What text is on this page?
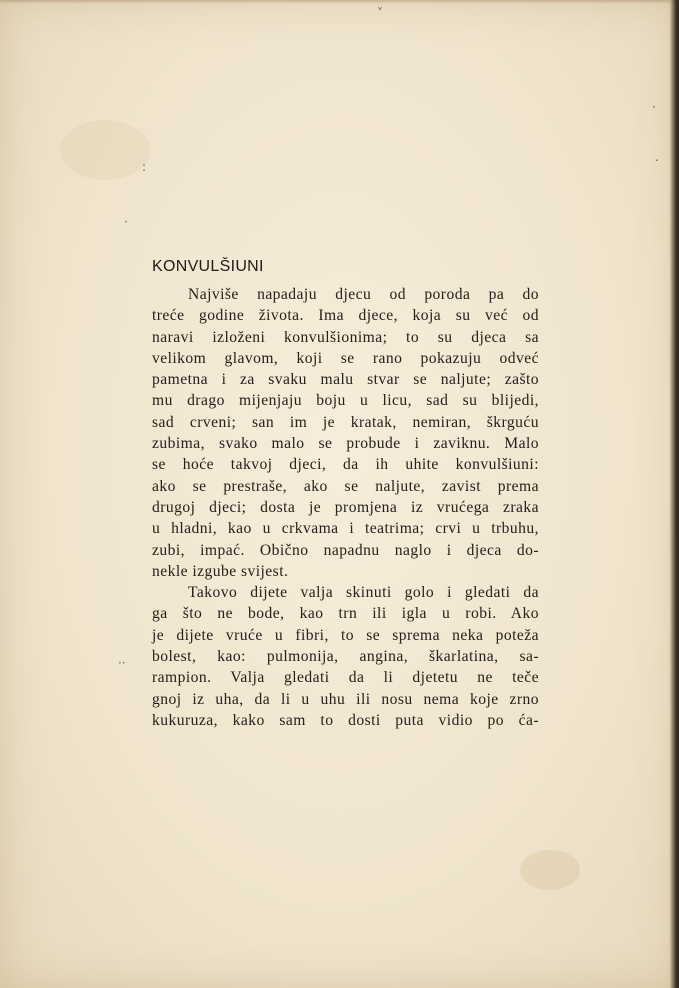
:
·
˅
··
·
.
KONVULŠIUNI

Najviše napadaju djecu od poroda pa do
treće godine života. Ima djece, koja su već od
naravi izloženi konvulšionima; to su djeca sa
velikom glavom, koji se rano pokazuju odveć
pametna i za svaku malu stvar se naljute; zašto
mu drago mijenjaju boju u licu, sad su blijedi,
sad crveni; san im je kratak, nemiran, škrguću
zubima, svako malo se probude i zaviknu. Malo
se hoće takvoj djeci, da ih uhite konvulšiuni:
ako se prestraše, ako se naljute, zavist prema
drugoj djeci; dosta je promjena iz vrućega zraka
u hladni, kao u crkvama i teatrima; crvi u trbuhu,
zubi, impać. Obično napadnu naglo i djeca do-
nekle izgube svijest.

Takovo dijete valja skinuti golo i gledati da
ga što ne bode, kao trn ili igla u robi. Ako
je dijete vruće u fibri, to se sprema neka poteža
bolest, kao: pulmonija, angina, škarlatina, sa-
rampion. Valja gledati da li djetetu ne teče
gnoj iz uha, da li u uhu ili nosu nema koje zrno
kukuruza, kako sam to dosti puta vidio po ća-
